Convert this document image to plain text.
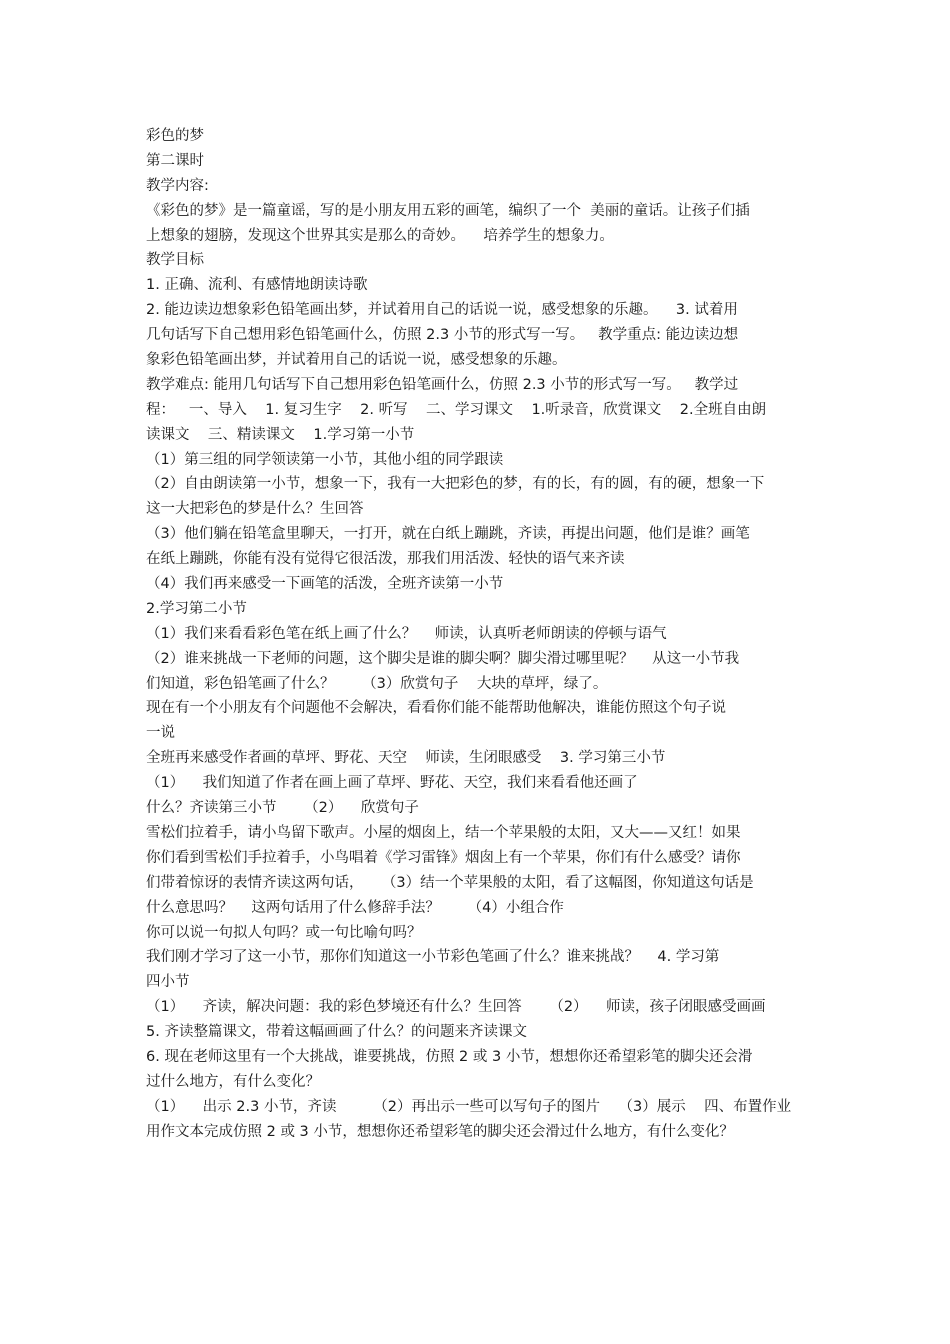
彩色的梦
第二课时
教学内容:
《彩色的梦》是一篇童谣，写的是小朋友用五彩的画笔，编织了一个  美丽的童话。让孩子们插
上想象的翅膀，发现这个世界其实是那么的奇妙。    培养学生的想象力。
教学目标
1. 正确、流利、有感情地朗读诗歌
2. 能边读边想象彩色铅笔画出梦，并试着用自己的话说一说，感受想象的乐趣。    3. 试着用
几句话写下自己想用彩色铅笔画什么，仿照 2.3 小节的形式写一写。   教学重点: 能边读边想
象彩色铅笔画出梦，并试着用自己的话说一说，感受想象的乐趣。
教学难点: 能用几句话写下自己想用彩色铅笔画什么，仿照 2.3 小节的形式写一写。   教学过
程：   一、导入    1. 复习生字    2. 听写    二、学习课文    1.听录音，欣赏课文    2.全班自由朗
读课文    三、精读课文    1.学习第一小节
（1）第三组的同学领读第一小节，其他小组的同学跟读
（2）自由朗读第一小节，想象一下，我有一大把彩色的梦，有的长，有的圆，有的硬，想象一下
这一大把彩色的梦是什么？生回答
（3）他们躺在铅笔盒里聊天，一打开，就在白纸上蹦跳，齐读，再提出问题，他们是谁？画笔
在纸上蹦跳，你能有没有觉得它很活泼，那我们用活泼、轻快的语气来齐读
（4）我们再来感受一下画笔的活泼，全班齐读第一小节
2.学习第二小节
（1）我们来看看彩色笔在纸上画了什么？    师读，认真听老师朗读的停顿与语气
（2）谁来挑战一下老师的问题，这个脚尖是谁的脚尖啊？脚尖滑过哪里呢？    从这一小节我
们知道，彩色铅笔画了什么？      （3）欣赏句子    大块的草坪，绿了。
现在有一个小朋友有个问题他不会解决，看看你们能不能帮助他解决，谁能仿照这个句子说
一说
全班再来感受作者画的草坪、野花、天空    师读，生闭眼感受    3. 学习第三小节
（1）    我们知道了作者在画上画了草坪、野花、天空，我们来看看他还画了
什么？齐读第三小节      （2）    欣赏句子
雪松们拉着手，请小鸟留下歌声。小屋的烟囱上，结一个苹果般的太阳，又大——又红！如果
你们看到雪松们手拉着手，小鸟唱着《学习雷锋》烟囱上有一个苹果，你们有什么感受？请你
们带着惊讶的表情齐读这两句话，    （3）结一个苹果般的太阳，看了这幅图，你知道这句话是
什么意思吗？    这两句话用了什么修辞手法？      （4）小组合作
你可以说一句拟人句吗？或一句比喻句吗？
我们刚才学习了这一小节，那你们知道这一小节彩色笔画了什么？谁来挑战？    4. 学习第
四小节
（1）    齐读，解决问题：我的彩色梦境还有什么？生回答      （2）    师读，孩子闭眼感受画画
5. 齐读整篇课文，带着这幅画画了什么？的问题来齐读课文
6. 现在老师这里有一个大挑战，谁要挑战，仿照 2 或 3 小节，想想你还希望彩笔的脚尖还会滑
过什么地方，有什么变化？
（1）    出示 2.3 小节，齐读        （2）再出示一些可以写句子的图片    （3）展示    四、布置作业
用作文本完成仿照 2 或 3 小节，想想你还希望彩笔的脚尖还会滑过什么地方，有什么变化？
